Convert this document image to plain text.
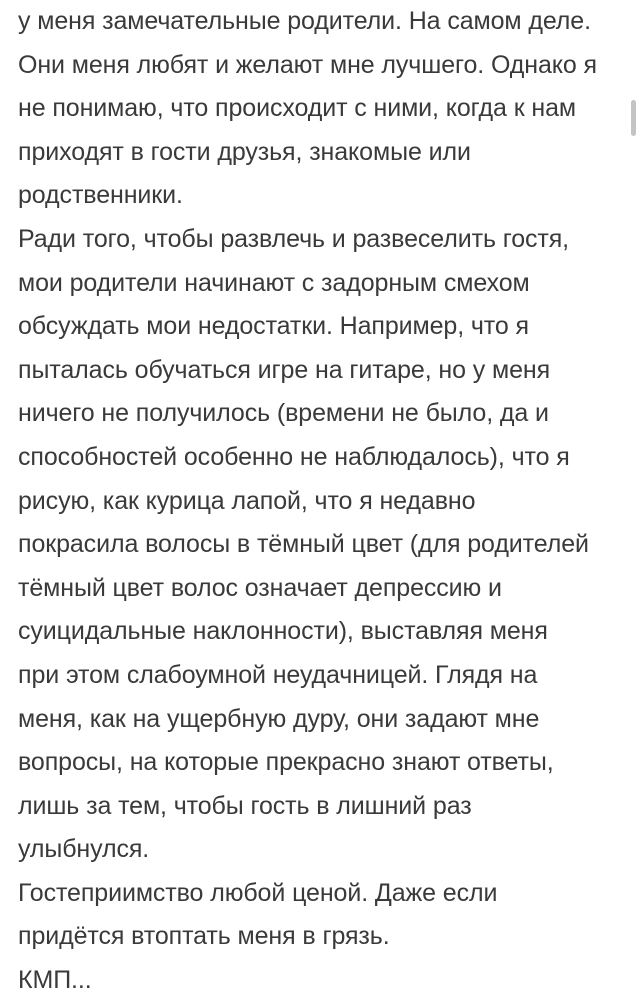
у меня замечательные родители. На самом деле.
Они меня любят и желают мне лучшего. Однако я
не понимаю, что происходит с ними, когда к нам
приходят в гости друзья, знакомые или
родственники.
Ради того, чтобы развлечь и развеселить гостя,
мои родители начинают с задорным смехом
обсуждать мои недостатки. Например, что я
пыталась обучаться игре на гитаре, но у меня
ничего не получилось (времени не было, да и
способностей особенно не наблюдалось), что я
рисую, как курица лапой, что я недавно
покрасила волосы в тёмный цвет (для родителей
тёмный цвет волос означает депрессию и
суицидальные наклонности), выставляя меня
при этом слабоумной неудачницей. Глядя на
меня, как на ущербную дуру, они задают мне
вопросы, на которые прекрасно знают ответы,
лишь за тем, чтобы гость в лишний раз
улыбнулся.
Гостеприимство любой ценой. Даже если
придётся втоптать меня в грязь.
КМП...
